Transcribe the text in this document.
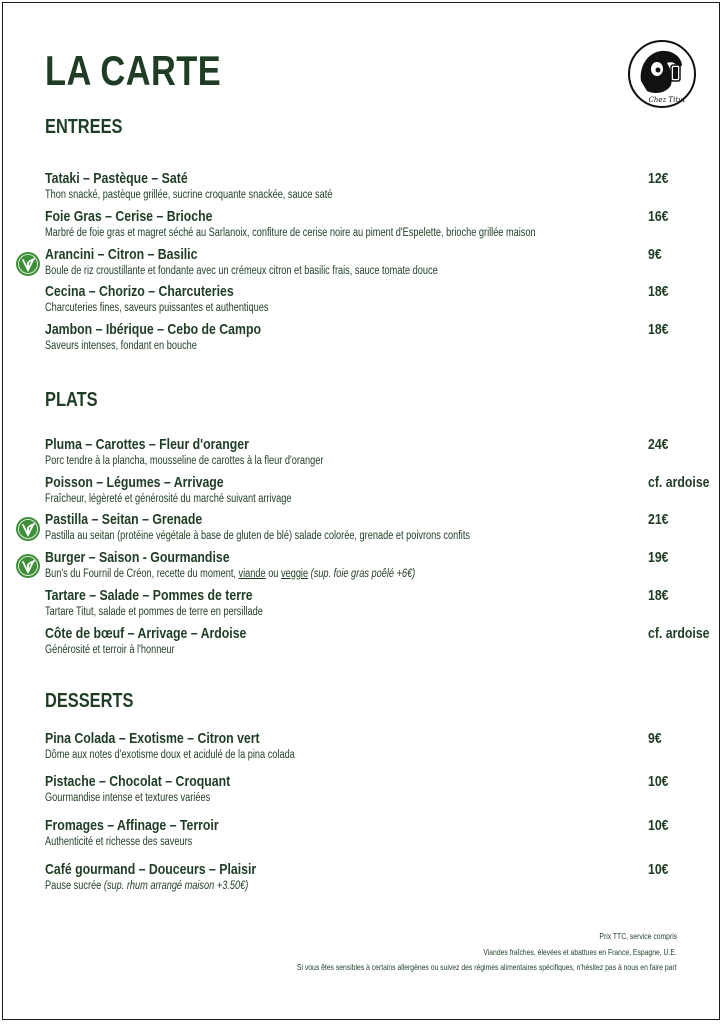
LA CARTE
Chez Titut
ENTREES
Tataki – Pastèque – Saté	12€
Thon snacké, pastèque grillée, sucrine croquante snackée, sauce saté
Foie Gras – Cerise – Brioche	16€
Marbré de foie gras et magret séché au Sarlanoix, confiture de cerise noire au piment d'Espelette, brioche grillée maison
Arancini – Citron – Basilic	9€
Boule de riz croustillante et fondante avec un crémeux citron et basilic frais, sauce tomate douce
Cecina – Chorizo – Charcuteries	18€
Charcuteries fines, saveurs puissantes et authentiques
Jambon – Ibérique – Cebo de Campo	18€
Saveurs intenses, fondant en bouche
PLATS
Pluma – Carottes – Fleur d'oranger	24€
Porc tendre à la plancha, mousseline de carottes à la fleur d'oranger
Poisson – Légumes – Arrivage	cf. ardoise
Fraîcheur, légèreté et générosité du marché suivant arrivage
Pastilla – Seitan – Grenade	21€
Pastilla au seitan (protéine végétale à base de gluten de blé) salade colorée, grenade et poivrons confits
Burger – Saison - Gourmandise	19€
Bun's du Fournil de Créon, recette du moment, viande ou veggie (sup. foie gras poêlé +6€)
Tartare – Salade – Pommes de terre	18€
Tartare Titut, salade et pommes de terre en persillade
Côte de bœuf – Arrivage – Ardoise	cf. ardoise
Générosité et terroir à l'honneur
DESSERTS
Pina Colada – Exotisme – Citron vert	9€
Dôme aux notes d'exotisme doux et acidulé de la pina colada
Pistache – Chocolat – Croquant	10€
Gourmandise intense et textures variées
Fromages – Affinage – Terroir	10€
Authenticité et richesse des saveurs
Café gourmand – Douceurs – Plaisir	10€
Pause sucrée (sup. rhum arrangé maison +3.50€)
Prix TTC, service compris
Viandes fraîches, élevées et abattues en France, Espagne, U.E.
Si vous êtes sensibles à certains allergènes ou suivez des régimes alimentaires spécifiques, n'hésitez pas à nous en faire part
